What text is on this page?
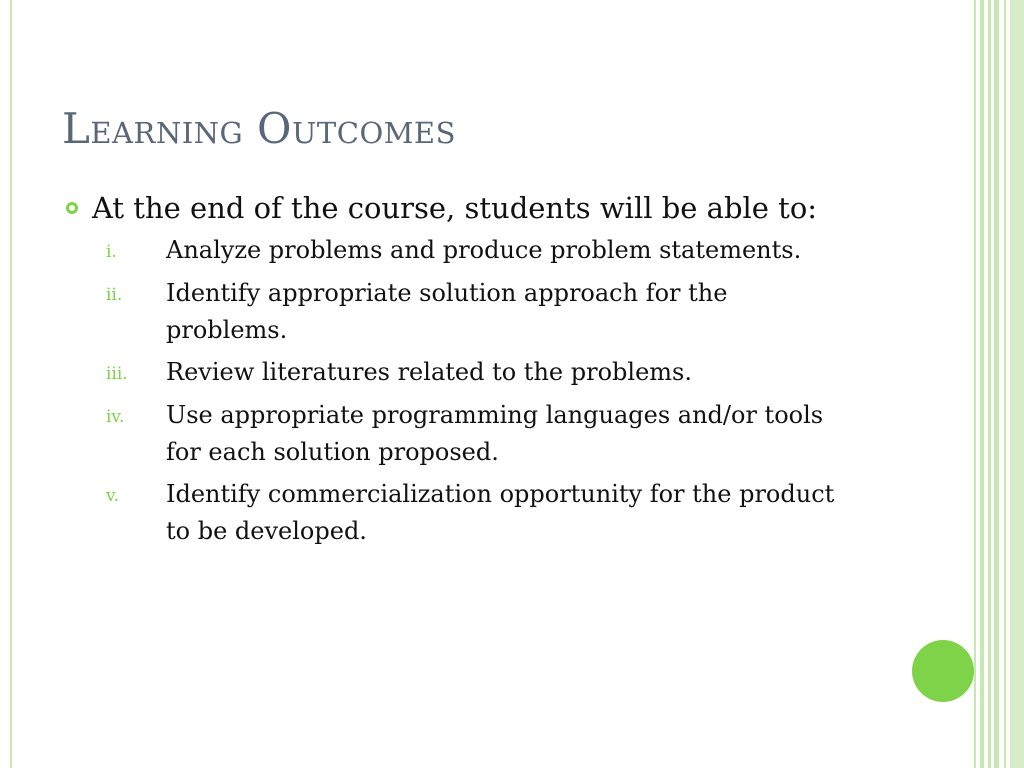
Learning Outcomes
At the end of the course, students will be able to:
i.	Analyze problems and produce problem statements.
ii.	Identify appropriate solution approach for the problems.
iii.	Review literatures related to the problems.
iv.	Use appropriate programming languages and/or tools for each solution proposed.
v.	Identify commercialization opportunity for the product to be developed.
